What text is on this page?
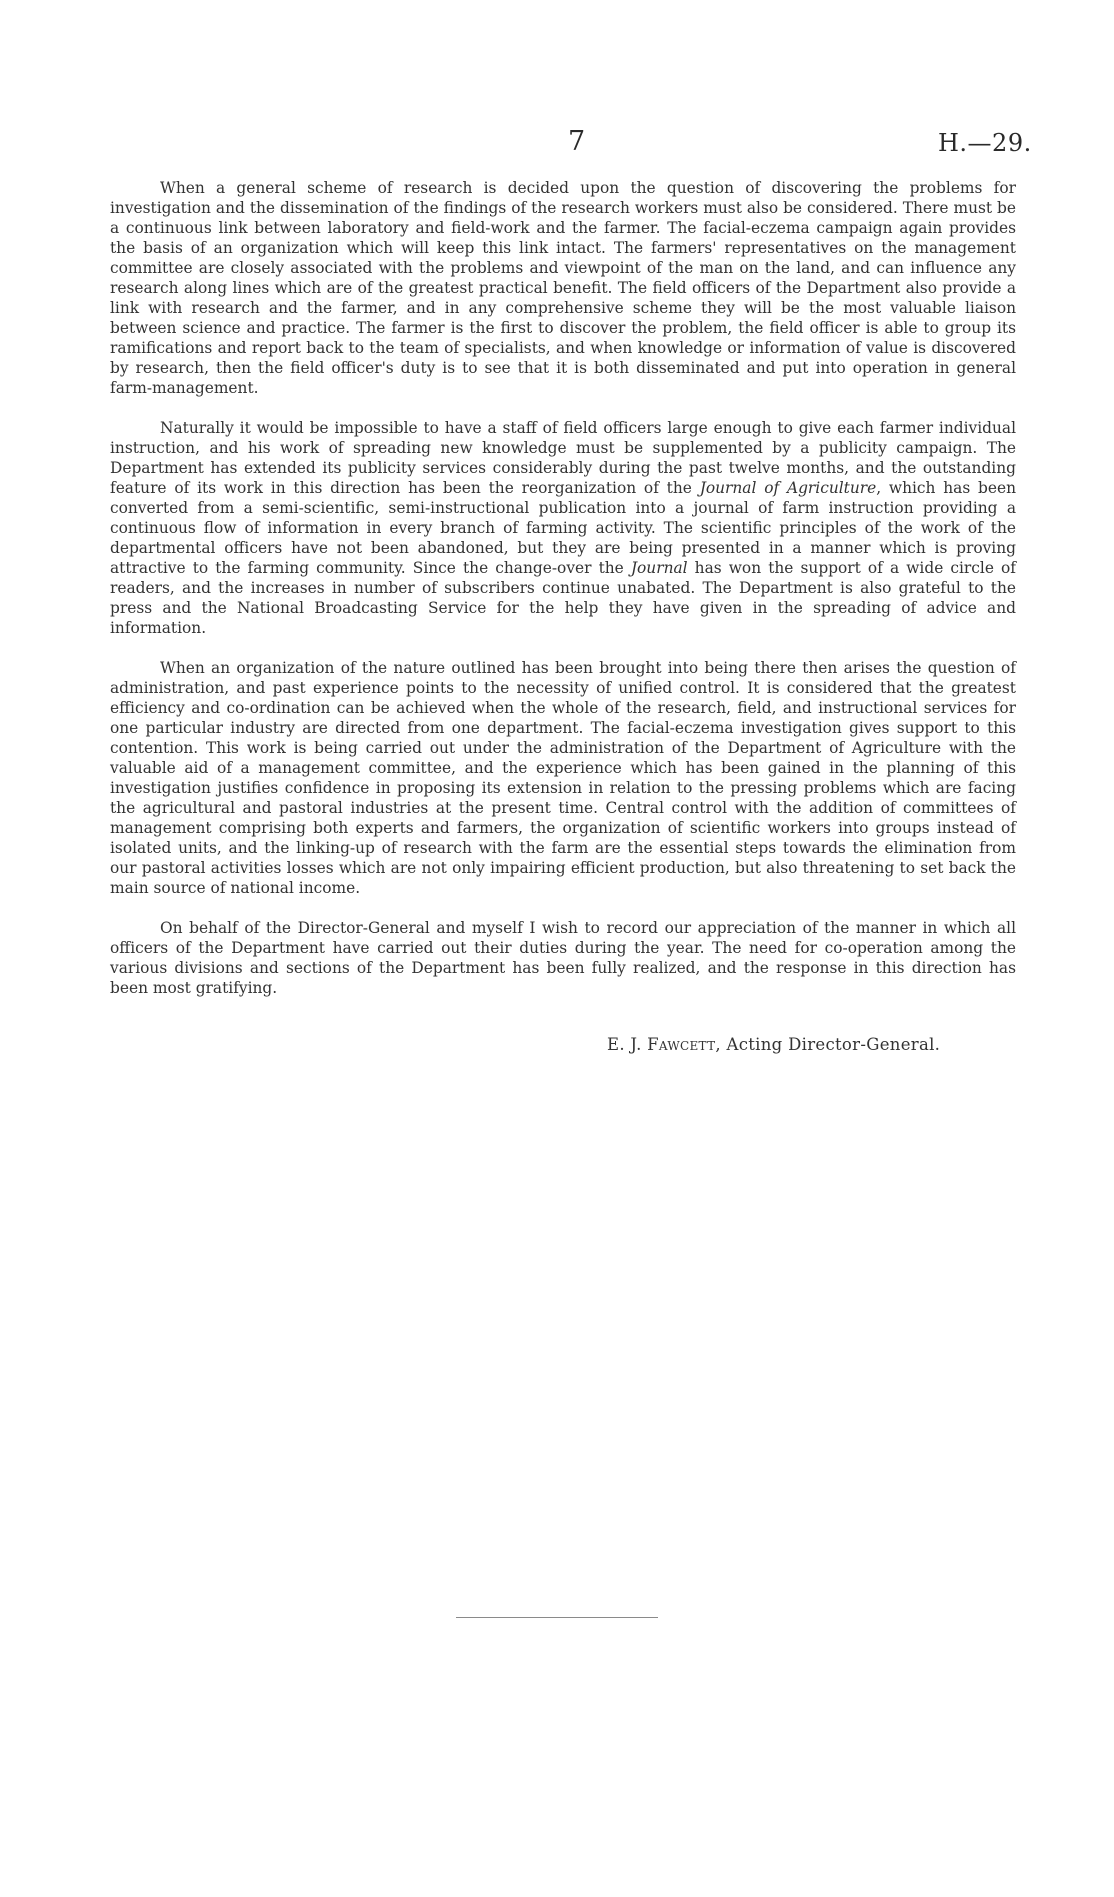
7	H.—29.

When a general scheme of research is decided upon the question of discovering the problems for investigation and the dissemination of the findings of the research workers must also be considered. There must be a continuous link between laboratory and field-work and the farmer. The facial-eczema campaign again provides the basis of an organization which will keep this link intact. The farmers' representatives on the management committee are closely associated with the problems and viewpoint of the man on the land, and can influence any research along lines which are of the greatest practical benefit. The field officers of the Department also provide a link with research and the farmer, and in any comprehensive scheme they will be the most valuable liaison between science and practice. The farmer is the first to discover the problem, the field officer is able to group its ramifications and report back to the team of specialists, and when knowledge or information of value is discovered by research, then the field officer's duty is to see that it is both disseminated and put into operation in general farm-management.

Naturally it would be impossible to have a staff of field officers large enough to give each farmer individual instruction, and his work of spreading new knowledge must be supplemented by a publicity campaign. The Department has extended its publicity services considerably during the past twelve months, and the outstanding feature of its work in this direction has been the reorganization of the Journal of Agriculture, which has been converted from a semi-scientific, semi-instructional publication into a journal of farm instruction providing a continuous flow of information in every branch of farming activity. The scientific principles of the work of the departmental officers have not been abandoned, but they are being presented in a manner which is proving attractive to the farming community. Since the change-over the Journal has won the support of a wide circle of readers, and the increases in number of subscribers continue unabated. The Department is also grateful to the press and the National Broadcasting Service for the help they have given in the spreading of advice and information.

When an organization of the nature outlined has been brought into being there then arises the question of administration, and past experience points to the necessity of unified control. It is considered that the greatest efficiency and co-ordination can be achieved when the whole of the research, field, and instructional services for one particular industry are directed from one department. The facial-eczema investigation gives support to this contention. This work is being carried out under the administration of the Department of Agriculture with the valuable aid of a management committee, and the experience which has been gained in the planning of this investigation justifies confidence in proposing its extension in relation to the pressing problems which are facing the agricultural and pastoral industries at the present time. Central control with the addition of committees of management comprising both experts and farmers, the organization of scientific workers into groups instead of isolated units, and the linking-up of research with the farm are the essential steps towards the elimination from our pastoral activities losses which are not only impairing efficient production, but also threatening to set back the main source of national income.

On behalf of the Director-General and myself I wish to record our appreciation of the manner in which all officers of the Department have carried out their duties during the year. The need for co-operation among the various divisions and sections of the Department has been fully realized, and the response in this direction has been most gratifying.

E. J. Fawcett, Acting Director-General.
